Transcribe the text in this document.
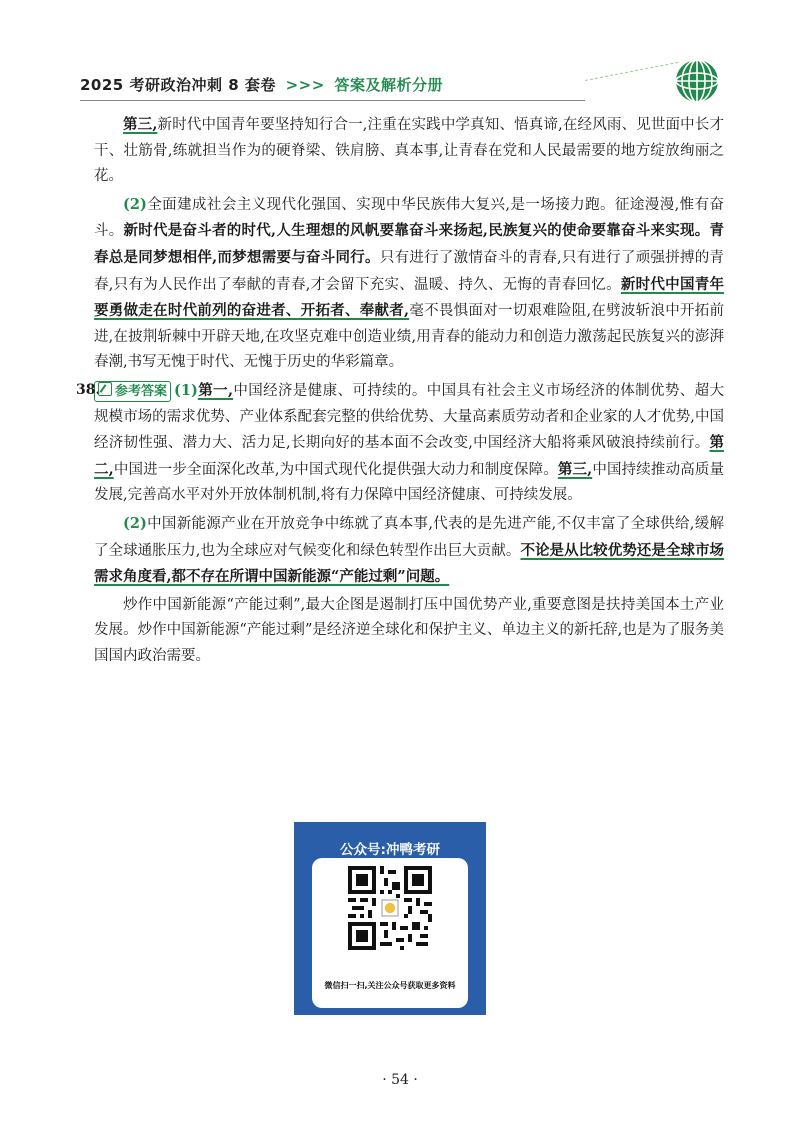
2025 考研政治冲刺 8 套卷 >>> 答案及解析分册

第三,新时代中国青年要坚持知行合一,注重在实践中学真知、悟真谛,在经风雨、见世面中长才干、壮筋骨,练就担当作为的硬脊梁、铁肩膀、真本事,让青春在党和人民最需要的地方绽放绚丽之花。

(2)全面建成社会主义现代化强国、实现中华民族伟大复兴,是一场接力跑。征途漫漫,惟有奋斗。新时代是奋斗者的时代,人生理想的风帆要靠奋斗来扬起,民族复兴的使命要靠奋斗来实现。青春总是同梦想相伴,而梦想需要与奋斗同行。只有进行了激情奋斗的青春,只有进行了顽强拼搏的青春,只有为人民作出了奉献的青春,才会留下充实、温暖、持久、无悔的青春回忆。新时代中国青年要勇做走在时代前列的奋进者、开拓者、奉献者,毫不畏惧面对一切艰难险阻,在劈波斩浪中开拓前进,在披荆斩棘中开辟天地,在攻坚克难中创造业绩,用青春的能动力和创造力激荡起民族复兴的澎湃春潮,书写无愧于时代、无愧于历史的华彩篇章。

38. 参考答案 (1)第一,中国经济是健康、可持续的。中国具有社会主义市场经济的体制优势、超大规模市场的需求优势、产业体系配套完整的供给优势、大量高素质劳动者和企业家的人才优势,中国经济韧性强、潜力大、活力足,长期向好的基本面不会改变,中国经济大船将乘风破浪持续前行。第二,中国进一步全面深化改革,为中国式现代化提供强大动力和制度保障。第三,中国持续推动高质量发展,完善高水平对外开放体制机制,将有力保障中国经济健康、可持续发展。

(2)中国新能源产业在开放竞争中练就了真本事,代表的是先进产能,不仅丰富了全球供给,缓解了全球通胀压力,也为全球应对气候变化和绿色转型作出巨大贡献。不论是从比较优势还是全球市场需求角度看,都不存在所谓中国新能源“产能过剩”问题。

炒作中国新能源“产能过剩”,最大企图是遏制打压中国优势产业,重要意图是扶持美国本土产业发展。炒作中国新能源“产能过剩”是经济逆全球化和保护主义、单边主义的新托辞,也是为了服务美国国内政治需要。

公众号:冲鸭考研
微信扫一扫,关注公众号获取更多资料
· 54 ·
